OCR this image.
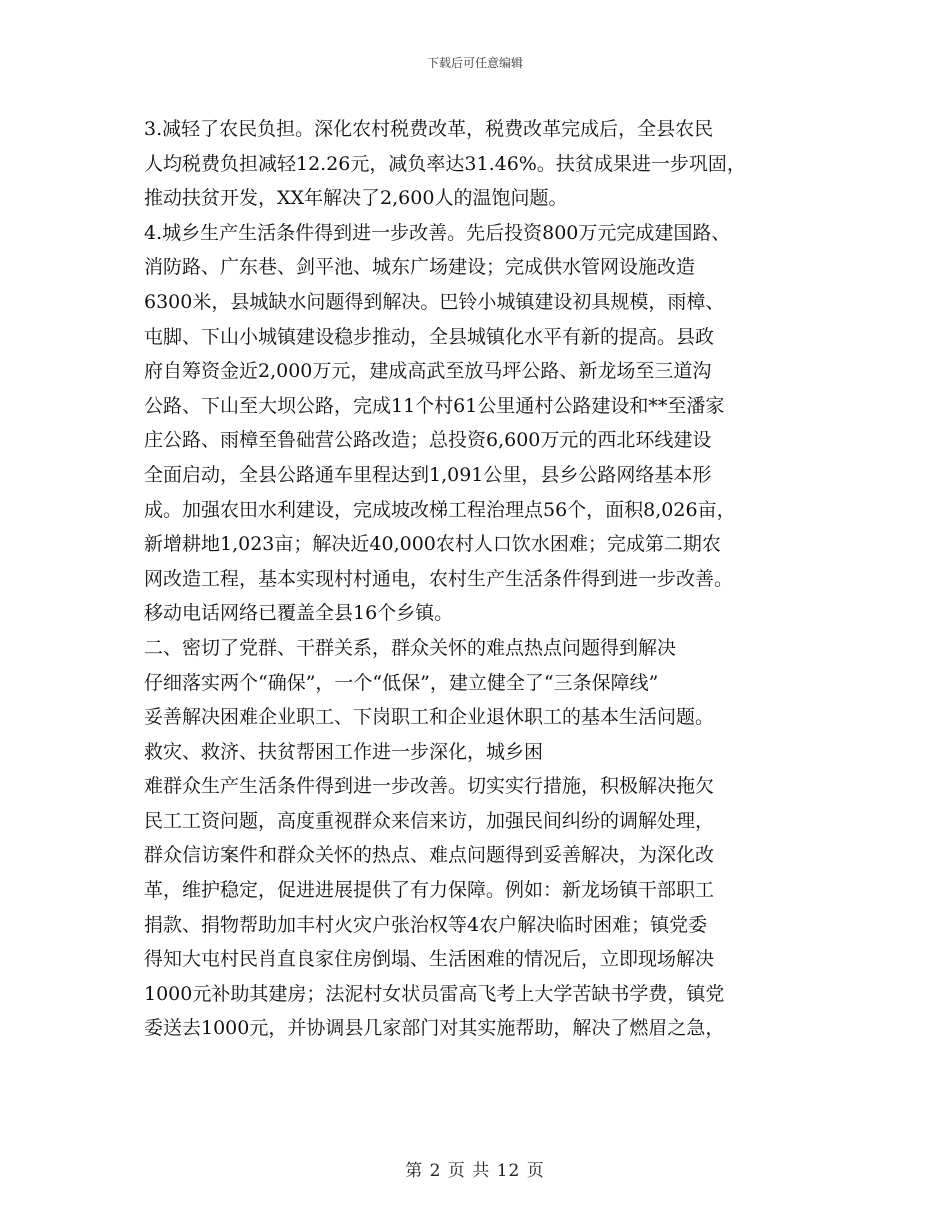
下载后可任意编辑
3.减轻了农民负担。深化农村税费改革，税费改革完成后，全县农民
人均税费负担减轻12.26元，减负率达31.46%。扶贫成果进一步巩固，
推动扶贫开发，XX年解决了2,600人的温饱问题。
4.城乡生产生活条件得到进一步改善。先后投资800万元完成建国路、
消防路、广东巷、剑平池、城东广场建设；完成供水管网设施改造
6300米，县城缺水问题得到解决。巴铃小城镇建设初具规模，雨樟、
屯脚、下山小城镇建设稳步推动，全县城镇化水平有新的提高。县政
府自筹资金近2,000万元，建成高武至放马坪公路、新龙场至三道沟
公路、下山至大坝公路，完成11个村61公里通村公路建设和**至潘家
庄公路、雨樟至鲁础营公路改造；总投资6,600万元的西北环线建设
全面启动，全县公路通车里程达到1,091公里，县乡公路网络基本形
成。加强农田水利建设，完成坡改梯工程治理点56个，面积8,026亩，
新增耕地1,023亩；解决近40,000农村人口饮水困难；完成第二期农
网改造工程，基本实现村村通电，农村生产生活条件得到进一步改善。
移动电话网络已覆盖全县16个乡镇。
二、密切了党群、干群关系，群众关怀的难点热点问题得到解决
仔细落实两个“确保”，一个“低保”，建立健全了“三条保障线”
妥善解决困难企业职工、下岗职工和企业退休职工的基本生活问题。
救灾、救济、扶贫帮困工作进一步深化，城乡困
难群众生产生活条件得到进一步改善。切实实行措施，积极解决拖欠
民工工资问题，高度重视群众来信来访，加强民间纠纷的调解处理，
群众信访案件和群众关怀的热点、难点问题得到妥善解决，为深化改
革，维护稳定，促进进展提供了有力保障。例如：新龙场镇干部职工
捐款、捐物帮助加丰村火灾户张治权等4农户解决临时困难；镇党委
得知大屯村民肖直良家住房倒塌、生活困难的情况后，立即现场解决
1000元补助其建房；法泥村女状员雷高飞考上大学苦缺书学费，镇党
委送去1000元，并协调县几家部门对其实施帮助，解决了燃眉之急，
第 2 页 共 12 页
